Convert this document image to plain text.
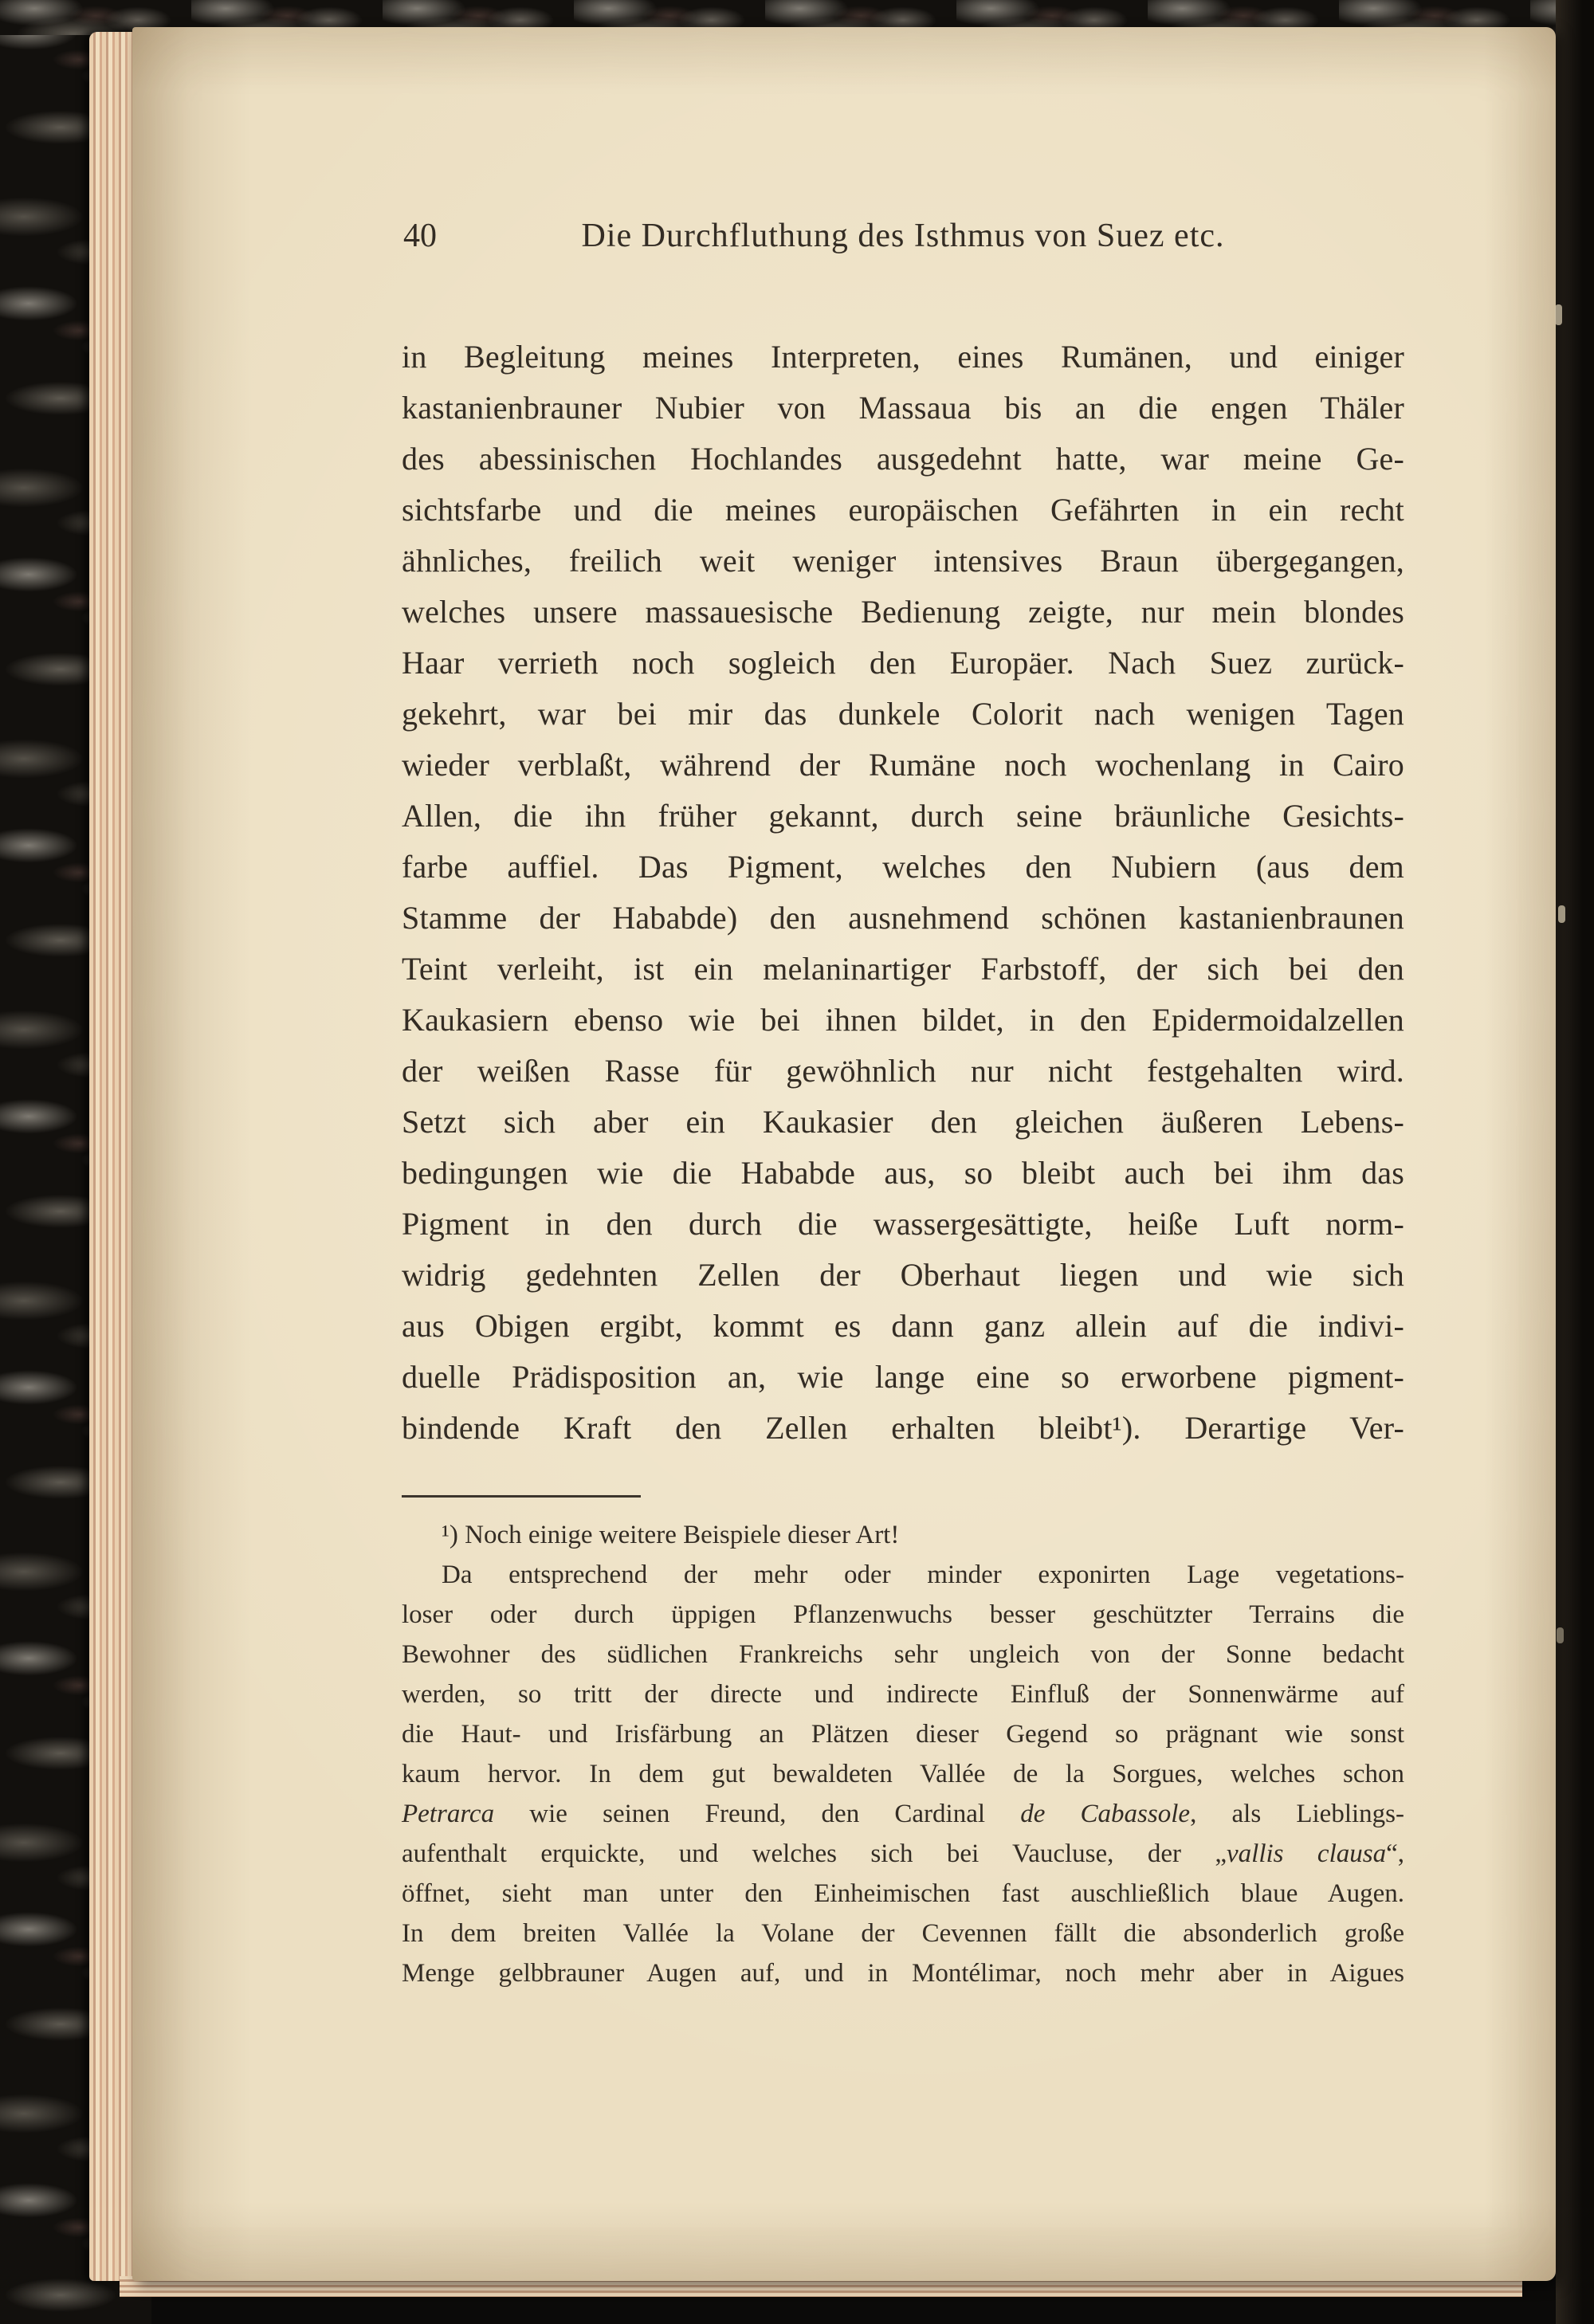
40	Die Durchfluthung des Isthmus von Suez etc.
in Begleitung meines Interpreten, eines Rumänen, und einiger
kastanienbrauner Nubier von Massaua bis an die engen Thäler
des abessinischen Hochlandes ausgedehnt hatte, war meine Ge-
sichtsfarbe und die meines europäischen Gefährten in ein recht
ähnliches, freilich weit weniger intensives Braun übergegangen,
welches unsere massauesische Bedienung zeigte, nur mein blondes
Haar verrieth noch sogleich den Europäer. Nach Suez zurück-
gekehrt, war bei mir das dunkele Colorit nach wenigen Tagen
wieder verblaßt, während der Rumäne noch wochenlang in Cairo
Allen, die ihn früher gekannt, durch seine bräunliche Gesichts-
farbe auffiel. Das Pigment, welches den Nubiern (aus dem
Stamme der Hababde) den ausnehmend schönen kastanienbraunen
Teint verleiht, ist ein melaninartiger Farbstoff, der sich bei den
Kaukasiern ebenso wie bei ihnen bildet, in den Epidermoidalzellen
der weißen Rasse für gewöhnlich nur nicht festgehalten wird.
Setzt sich aber ein Kaukasier den gleichen äußeren Lebens-
bedingungen wie die Hababde aus, so bleibt auch bei ihm das
Pigment in den durch die wassergesättigte, heiße Luft norm-
widrig gedehnten Zellen der Oberhaut liegen und wie sich
aus Obigen ergibt, kommt es dann ganz allein auf die indivi-
duelle Prädisposition an, wie lange eine so erworbene pigment-
bindende Kraft den Zellen erhalten bleibt¹). Derartige Ver-
¹) Noch einige weitere Beispiele dieser Art!
Da entsprechend der mehr oder minder exponirten Lage vegetations-
loser oder durch üppigen Pflanzenwuchs besser geschützter Terrains die
Bewohner des südlichen Frankreichs sehr ungleich von der Sonne bedacht
werden, so tritt der directe und indirecte Einfluß der Sonnenwärme auf
die Haut- und Irisfärbung an Plätzen dieser Gegend so prägnant wie sonst
kaum hervor. In dem gut bewaldeten Vallée de la Sorgues, welches schon
Petrarca wie seinen Freund, den Cardinal de Cabassole, als Lieblings-
aufenthalt erquickte, und welches sich bei Vaucluse, der „vallis clausa“,
öffnet, sieht man unter den Einheimischen fast auschließlich blaue Augen.
In dem breiten Vallée la Volane der Cevennen fällt die absonderlich große
Menge gelbbrauner Augen auf, und in Montélimar, noch mehr aber in Aigues
